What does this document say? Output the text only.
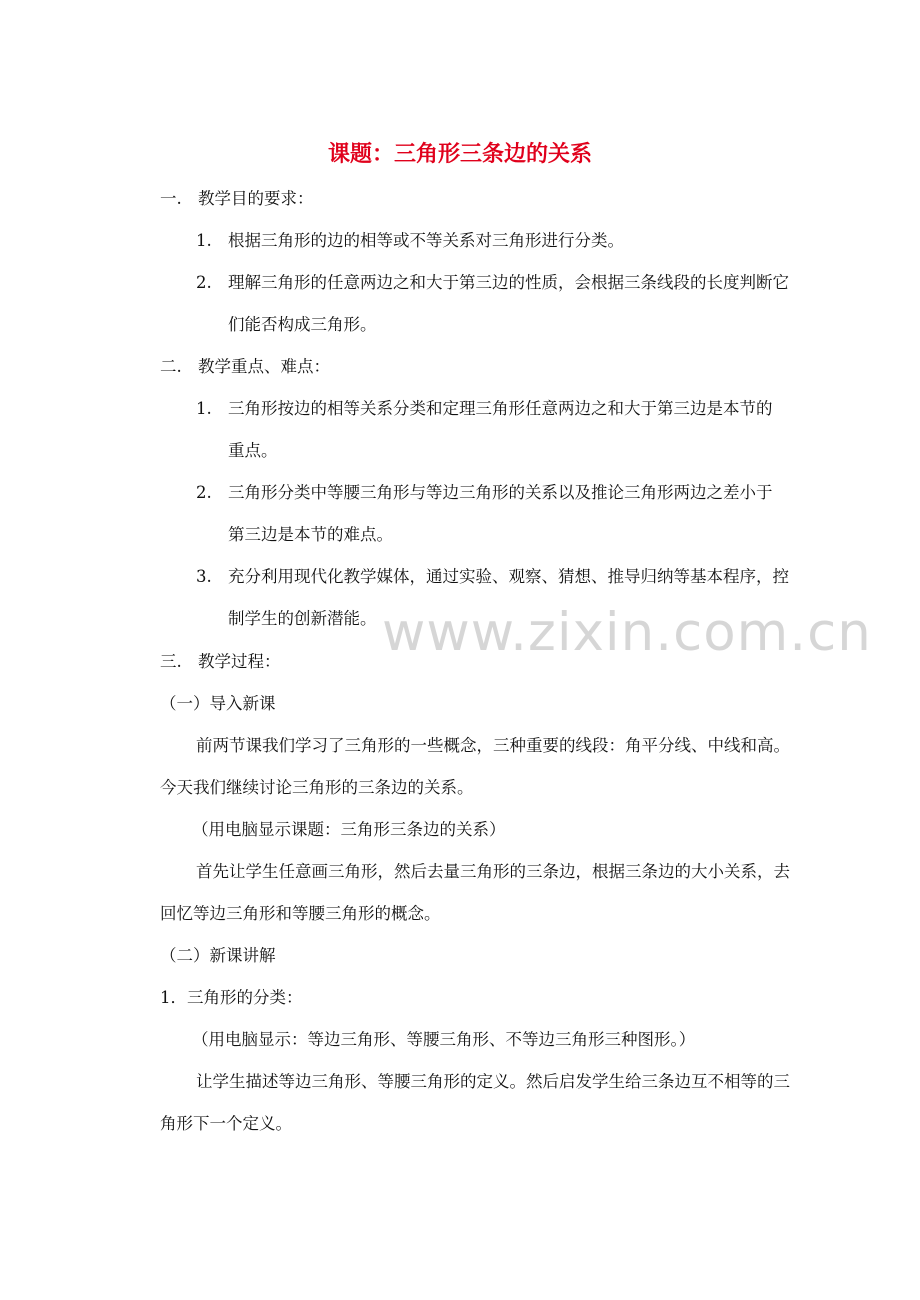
www.zixin.com.cn
课题：三角形三条边的关系
一. 教学目的要求：
1. 根据三角形的边的相等或不等关系对三角形进行分类。
2. 理解三角形的任意两边之和大于第三边的性质，会根据三条线段的长度判断它
们能否构成三角形。
二. 教学重点、难点：
1. 三角形按边的相等关系分类和定理三角形任意两边之和大于第三边是本节的
重点。
2. 三角形分类中等腰三角形与等边三角形的关系以及推论三角形两边之差小于
第三边是本节的难点。
3. 充分利用现代化教学媒体，通过实验、观察、猜想、推导归纳等基本程序，控
制学生的创新潜能。
三. 教学过程：
（一）导入新课
前两节课我们学习了三角形的一些概念，三种重要的线段：角平分线、中线和高。
今天我们继续讨论三角形的三条边的关系。
（用电脑显示课题：三角形三条边的关系）
首先让学生任意画三角形，然后去量三角形的三条边，根据三条边的大小关系，去
回忆等边三角形和等腰三角形的概念。
（二）新课讲解
1．三角形的分类：
（用电脑显示：等边三角形、等腰三角形、不等边三角形三种图形。）
让学生描述等边三角形、等腰三角形的定义。然后启发学生给三条边互不相等的三
角形下一个定义。
